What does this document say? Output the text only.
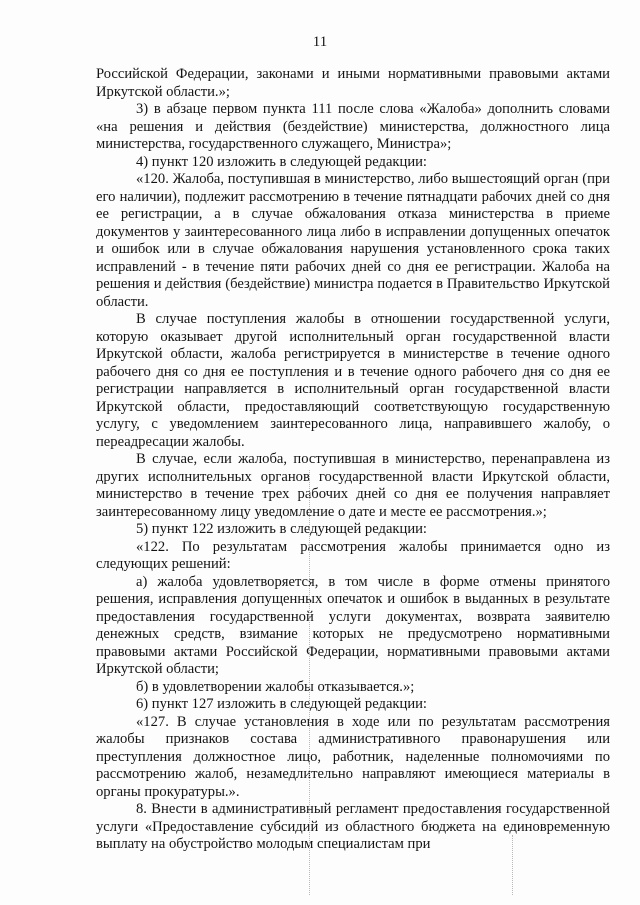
11

Российской Федерации, законами и иными нормативными правовыми актами Иркутской области.»;

3) в абзаце первом пункта 111 после слова «Жалоба» дополнить словами «на решения и действия (бездействие) министерства, должностного лица министерства, государственного служащего, Министра»;

4) пункт 120 изложить в следующей редакции:

«120. Жалоба, поступившая в министерство, либо вышестоящий орган (при его наличии), подлежит рассмотрению в течение пятнадцати рабочих дней со дня ее регистрации, а в случае обжалования отказа министерства в приеме документов у заинтересованного лица либо в исправлении допущенных опечаток и ошибок или в случае обжалования нарушения установленного срока таких исправлений - в течение пяти рабочих дней со дня ее регистрации. Жалоба на решения и действия (бездействие) министра подается в Правительство Иркутской области.

В случае поступления жалобы в отношении государственной услуги, которую оказывает другой исполнительный орган государственной власти Иркутской области, жалоба регистрируется в министерстве в течение одного рабочего дня со дня ее поступления и в течение одного рабочего дня со дня ее регистрации направляется в исполнительный орган государственной власти Иркутской области, предоставляющий соответствующую государственную услугу, с уведомлением заинтересованного лица, направившего жалобу, о переадресации жалобы.

В случае, если жалоба, поступившая в министерство, перенаправлена из других исполнительных органов государственной власти Иркутской области, министерство в течение трех рабочих дней со дня ее получения направляет заинтересованному лицу уведомление о дате и месте ее рассмотрения.»;

5) пункт 122 изложить в следующей редакции:

«122. По результатам рассмотрения жалобы принимается одно из следующих решений:

а) жалоба удовлетворяется, в том числе в форме отмены принятого решения, исправления допущенных опечаток и ошибок в выданных в результате предоставления государственной услуги документах, возврата заявителю денежных средств, взимание которых не предусмотрено нормативными правовыми актами Российской Федерации, нормативными правовыми актами Иркутской области;

б) в удовлетворении жалобы отказывается.»;

6) пункт 127 изложить в следующей редакции:

«127. В случае установления в ходе или по результатам рассмотрения жалобы признаков состава административного правонарушения или преступления должностное лицо, работник, наделенные полномочиями по рассмотрению жалоб, незамедлительно направляют имеющиеся материалы в органы прокуратуры.».

8. Внести в административный регламент предоставления государственной услуги «Предоставление субсидий из областного бюджета на единовременную выплату на обустройство молодым специалистам при
